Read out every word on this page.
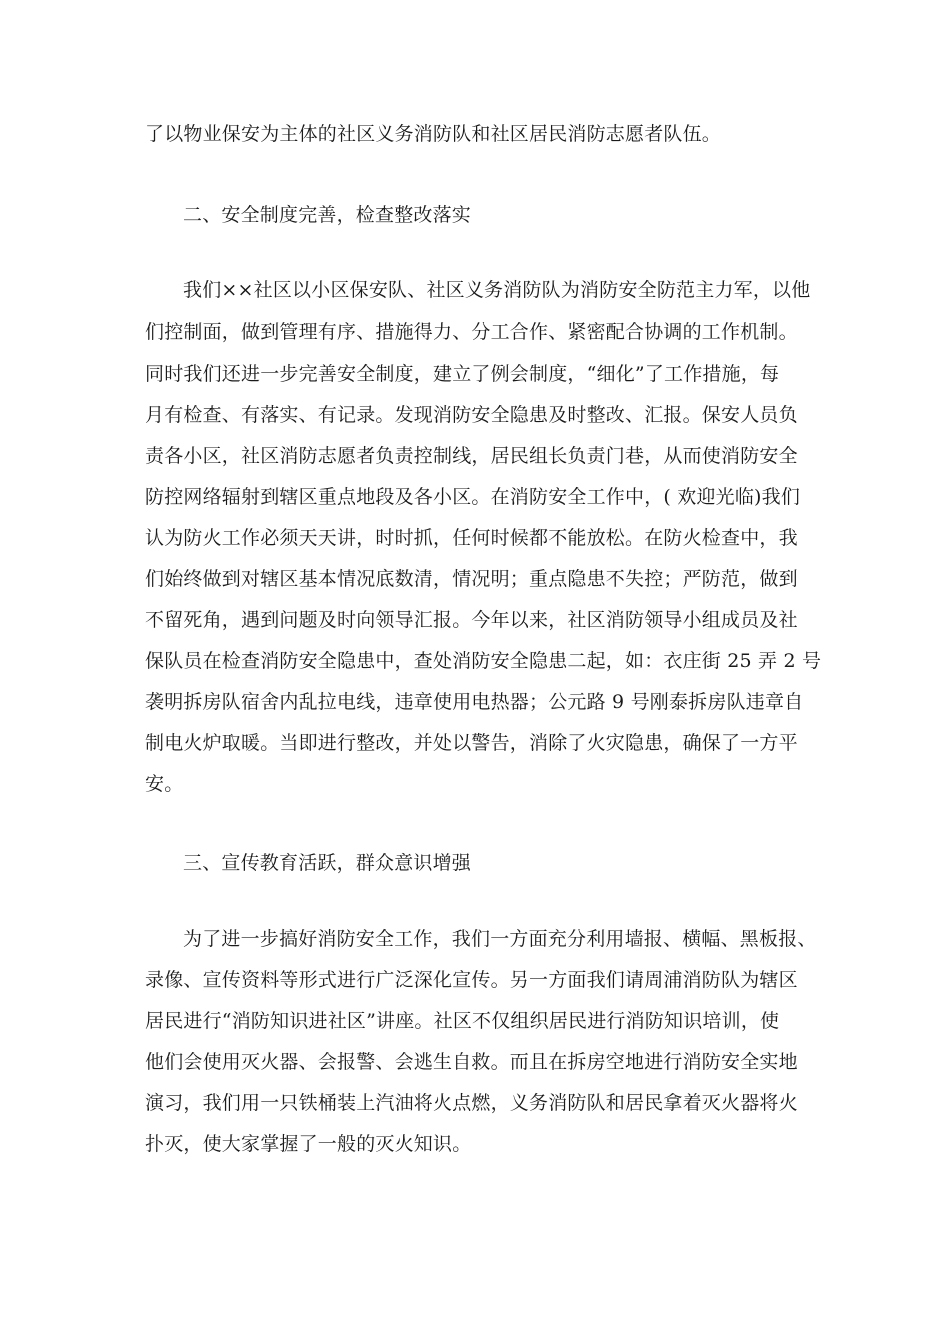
了以物业保安为主体的社区义务消防队和社区居民消防志愿者队伍。
二、安全制度完善，检查整改落实
我们××社区以小区保安队、社区义务消防队为消防安全防范主力军，以他
们控制面，做到管理有序、措施得力、分工合作、紧密配合协调的工作机制。
同时我们还进一步完善安全制度，建立了例会制度，“细化”了工作措施，每
月有检查、有落实、有记录。发现消防安全隐患及时整改、汇报。保安人员负
责各小区，社区消防志愿者负责控制线，居民组长负责门巷，从而使消防安全
防控网络辐射到辖区重点地段及各小区。在消防安全工作中，( 欢迎光临)我们
认为防火工作必须天天讲，时时抓，任何时候都不能放松。在防火检查中，我
们始终做到对辖区基本情况底数清，情况明；重点隐患不失控；严防范，做到
不留死角，遇到问题及时向领导汇报。今年以来，社区消防领导小组成员及社
保队员在检查消防安全隐患中，查处消防安全隐患二起，如：衣庄街 25 弄 2 号
袭明拆房队宿舍内乱拉电线，违章使用电热器；公元路 9 号刚泰拆房队违章自
制电火炉取暖。当即进行整改，并处以警告，消除了火灾隐患，确保了一方平
安。
三、宣传教育活跃，群众意识增强
为了进一步搞好消防安全工作，我们一方面充分利用墙报、横幅、黑板报、
录像、宣传资料等形式进行广泛深化宣传。另一方面我们请周浦消防队为辖区
居民进行“消防知识进社区”讲座。社区不仅组织居民进行消防知识培训，使
他们会使用灭火器、会报警、会逃生自救。而且在拆房空地进行消防安全实地
演习，我们用一只铁桶装上汽油将火点燃，义务消防队和居民拿着灭火器将火
扑灭，使大家掌握了一般的灭火知识。
